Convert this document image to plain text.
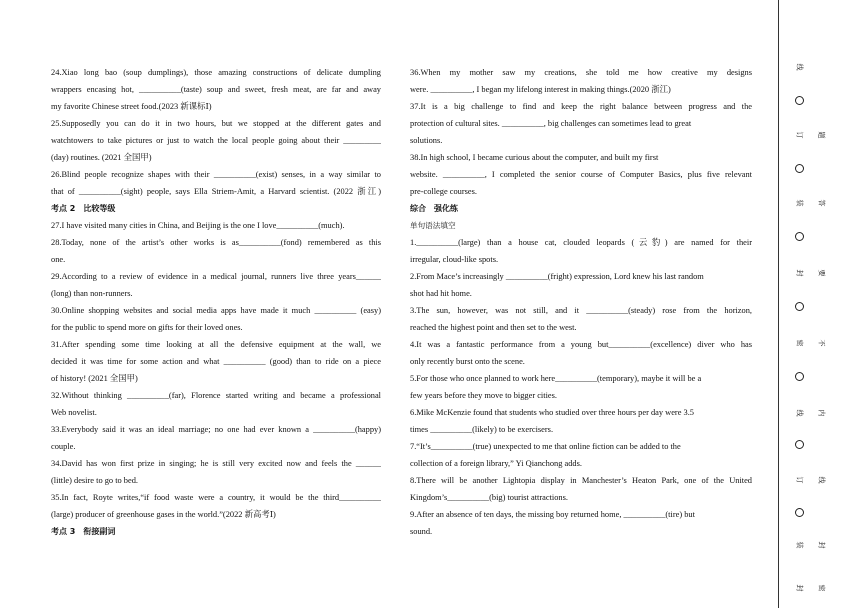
24.Xiao long bao (soup dumplings), those amazing constructions of delicate dumpling
wrappers encasing hot, __________(taste) soup and sweet, fresh meat, are far and away
my favorite Chinese street food.(2023 新课标Ⅰ)
25.Supposedly you can do it in two hours, but we stopped at the different gates and
watchtowers to take pictures or just to watch the local people going about their _________
(day) routines. (2021 全国甲)
26.Blind people recognize shapes with their __________(exist) senses, in a way similar to
that of __________(sight) people, says Ella Striem-Amit, a Harvard scientist. (2022 浙江)
考点 2　比较等级
27.I have visited many cities in China, and Beijing is the one I love__________(much).
28.Today, none of the artist’s other works is as__________(fond) remembered as this
one.
29.According to a review of evidence in a medical journal, runners live three years______
(long) than non-runners.
30.Online shopping websites and social media apps have made it much __________ (easy)
for the public to spend more on gifts for their loved ones.
31.After spending some time looking at all the defensive equipment at the wall, we
decided it was time for some action and what __________ (good) than to ride on a piece
of history! (2021 全国甲)
32.Without thinking __________(far), Florence started writing and became a professional
Web novelist.
33.Everybody said it was an ideal marriage; no one had ever known a __________(happy)
couple.
34.David has won first prize in singing; he is still very excited now and feels the ______
(little) desire to go to bed.
35.In fact, Royte writes,“if food waste were a country, it would be the third__________
(large) producer of greenhouse gases in the world.”(2022 新高考Ⅰ)
考点 3　衔接副词
36.When my mother saw my creations, she told me how creative my designs
were. __________, I began my lifelong interest in making things.(2020 浙江)
37.It is a big challenge to find and keep the right balance between progress and the
protection of cultural sites. __________, big challenges can sometimes lead to great
solutions.
38.In high school, I became curious about the computer, and built my first
website. __________, I completed the senior course of Computer Basics, plus five relevant
pre-college courses.
综合　强化练
单句语法填空
1.__________(large) than a house cat, clouded leopards (云豹) are named for their
irregular, cloud-like spots.
2.From Mace’s increasingly __________(fright) expression, Lord knew his last random
shot had hit home.
3.The sun, however, was not still, and it __________(steady) rose from the horizon,
reached the highest point and then set to the west.
4.It was a fantastic performance from a young but__________(excellence) diver who has
only recently burst onto the scene.
5.For those who once planned to work here__________(temporary), maybe it will be a
few years before they move to bigger cities.
6.Mike McKenzie found that students who studied over three hours per day were 3.5
times __________(likely) to be exercisers.
7.“It’s__________(true) unexpected to me that online fiction can be added to the
collection of a foreign library,” Yi Qianchong adds.
8.There will be another Lightopia display in Manchester’s Heaton Park, one of the United
Kingdom’s__________(big) tourist attractions.
9.After an absence of ten days, the missing boy returned home, __________(tire) but
sound.
线
订
装
封
密
线
订
装
封
题
答
要
不
内
线
封
密
